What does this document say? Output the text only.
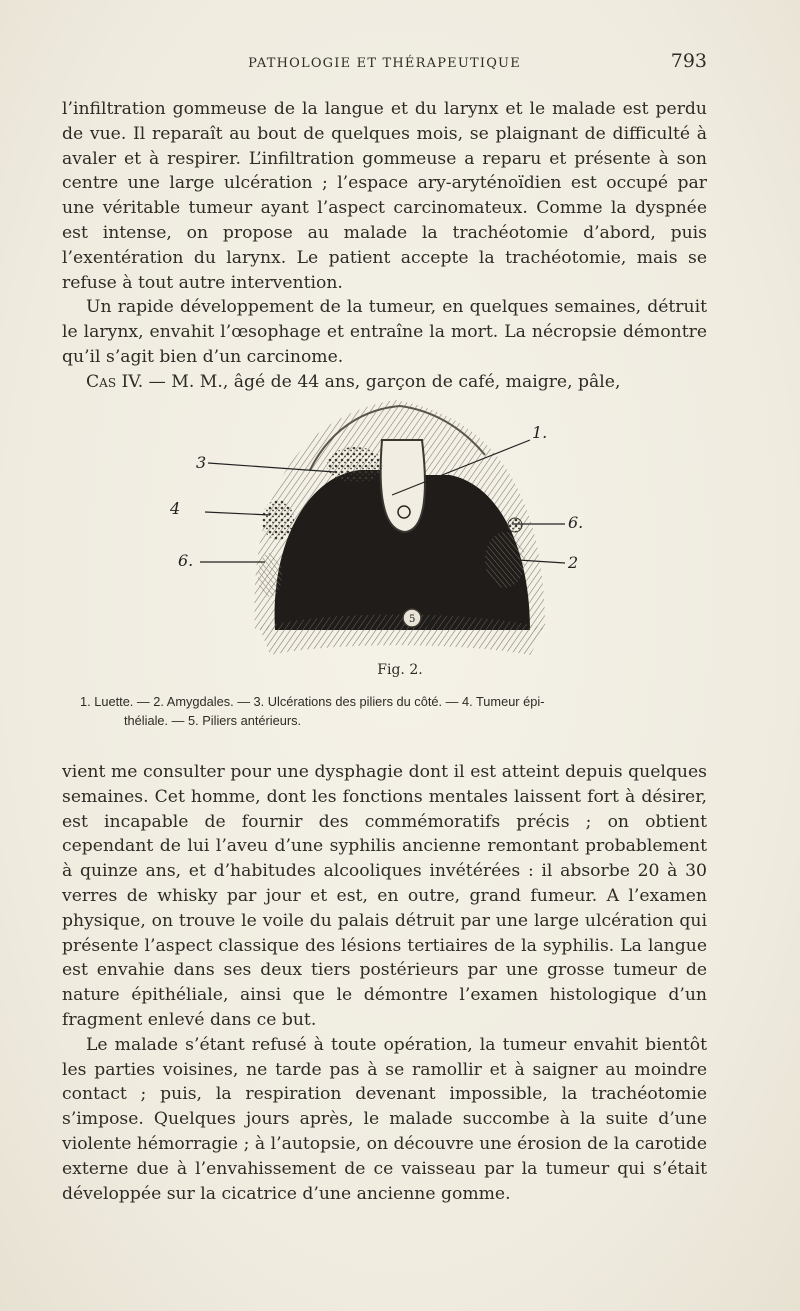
PATHOLOGIE ET THÉRAPEUTIQUE	793

l’infiltration gommeuse de la langue et du larynx et le malade est perdu de vue. Il reparaît au bout de quelques mois, se plaignant de difficulté à avaler et à respirer. L’infiltration gommeuse a reparu et présente à son centre une large ulcération ; l’espace ary-aryténoïdien est occupé par une véritable tumeur ayant l’aspect carcinomateux. Comme la dyspnée est intense, on propose au malade la trachéotomie d’abord, puis l’exentération du larynx. Le patient accepte la trachéotomie, mais se refuse à tout autre intervention.

Un rapide développement de la tumeur, en quelques semaines, détruit le larynx, envahit l’œsophage et entraîne la mort. La nécropsie démontre qu’il s’agit bien d’un carcinome.

Cas IV. — M. M., âgé de 44 ans, garçon de café, maigre, pâle,

1.
3
4
6.
6.
2
5
Fig. 2.
1. Luette. — 2. Amygdales. — 3. Ulcérations des piliers du côté. — 4. Tumeur épi-
théliale. — 5. Piliers antérieurs.

vient me consulter pour une dysphagie dont il est atteint depuis quelques semaines. Cet homme, dont les fonctions mentales laissent fort à désirer, est incapable de fournir des commémoratifs précis ; on obtient cependant de lui l’aveu d’une syphilis ancienne remontant probablement à quinze ans, et d’habitudes alcooliques invétérées : il absorbe 20 à 30 verres de whisky par jour et est, en outre, grand fumeur. A l’examen physique, on trouve le voile du palais détruit par une large ulcération qui présente l’aspect classique des lésions tertiaires de la syphilis. La langue est envahie dans ses deux tiers postérieurs par une grosse tumeur de nature épithéliale, ainsi que le démontre l’examen histologique d’un fragment enlevé dans ce but.

Le malade s’étant refusé à toute opération, la tumeur envahit bientôt les parties voisines, ne tarde pas à se ramollir et à saigner au moindre contact ; puis, la respiration devenant impossible, la trachéotomie s’impose. Quelques jours après, le malade succombe à la suite d’une violente hémorragie ; à l’autopsie, on découvre une érosion de la carotide externe due à l’envahissement de ce vaisseau par la tumeur qui s’était développée sur la cicatrice d’une ancienne gomme.
